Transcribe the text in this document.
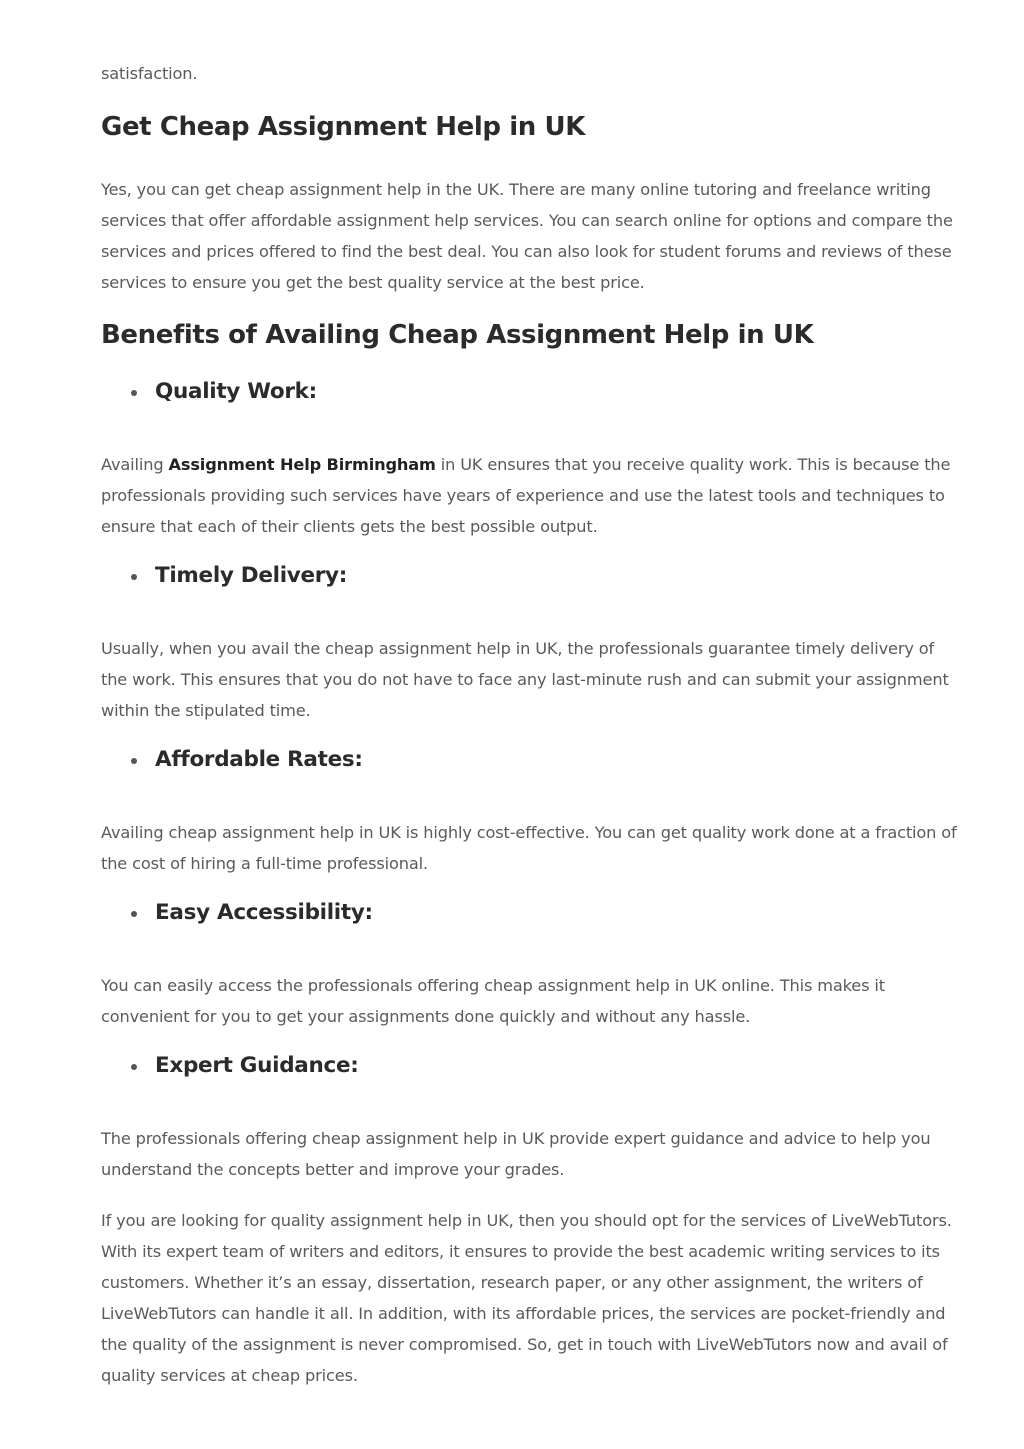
satisfaction.

Get Cheap Assignment Help in UK

Yes, you can get cheap assignment help in the UK. There are many online tutoring and freelance writing services that offer affordable assignment help services. You can search online for options and compare the services and prices offered to find the best deal. You can also look for student forums and reviews of these services to ensure you get the best quality service at the best price.

Benefits of Availing Cheap Assignment Help in UK
Quality Work:

Availing Assignment Help Birmingham in UK ensures that you receive quality work. This is because the professionals providing such services have years of experience and use the latest tools and techniques to ensure that each of their clients gets the best possible output.

Timely Delivery:

Usually, when you avail the cheap assignment help in UK, the professionals guarantee timely delivery of the work. This ensures that you do not have to face any last-minute rush and can submit your assignment within the stipulated time.

Affordable Rates:

Availing cheap assignment help in UK is highly cost-effective. You can get quality work done at a fraction of the cost of hiring a full-time professional.

Easy Accessibility:

You can easily access the professionals offering cheap assignment help in UK online. This makes it convenient for you to get your assignments done quickly and without any hassle.

Expert Guidance:

The professionals offering cheap assignment help in UK provide expert guidance and advice to help you understand the concepts better and improve your grades.

If you are looking for quality assignment help in UK, then you should opt for the services of LiveWebTutors. With its expert team of writers and editors, it ensures to provide the best academic writing services to its customers. Whether it’s an essay, dissertation, research paper, or any other assignment, the writers of LiveWebTutors can handle it all. In addition, with its affordable prices, the services are pocket-friendly and the quality of the assignment is never compromised. So, get in touch with LiveWebTutors now and avail of quality services at cheap prices.
